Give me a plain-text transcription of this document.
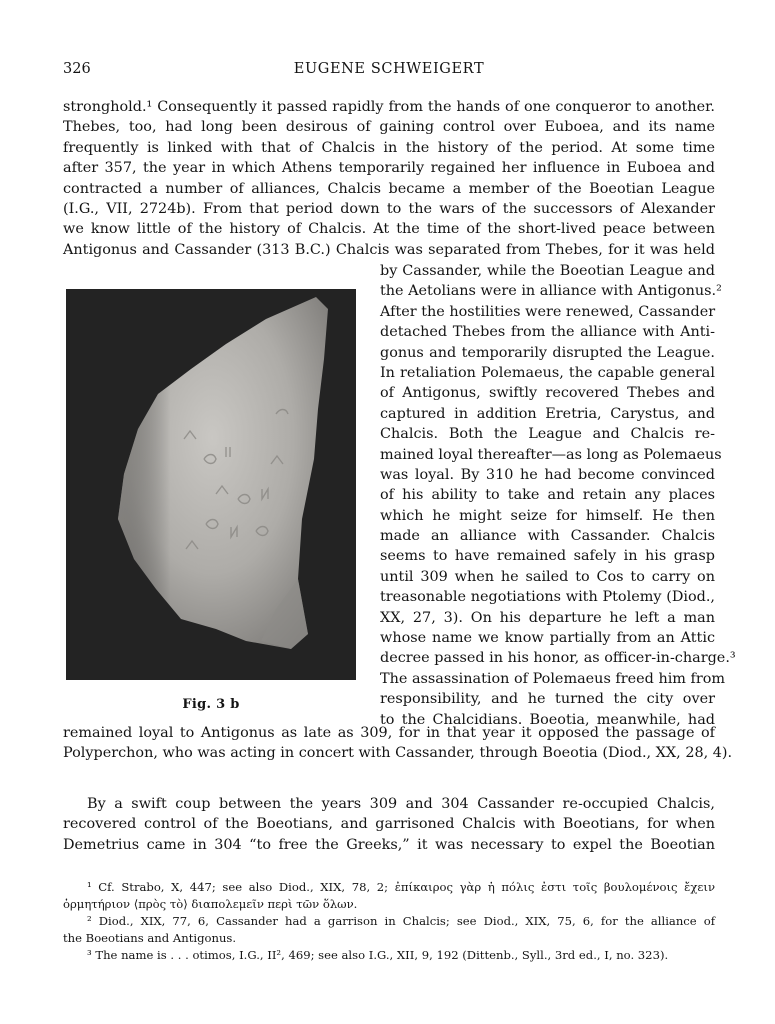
326	EUGENE SCHWEIGERT
stronghold.¹ Consequently it passed rapidly from the hands of one conqueror to another.
Thebes, too, had long been desirous of gaining control over Euboea, and its name
frequently is linked with that of Chalcis in the history of the period. At some time
after 357, the year in which Athens temporarily regained her influence in Euboea and
contracted a number of alliances, Chalcis became a member of the Boeotian League
(I.G., VII, 2724b). From that period down to the wars of the successors of Alexander
we know little of the history of Chalcis. At the time of the short-lived peace between
Antigonus and Cassander (313 B.C.) Chalcis was separated from Thebes, for it was held
by Cassander, while the Boeotian League and
the Aetolians were in alliance with Antigonus.²
After the hostilities were renewed, Cassander
detached Thebes from the alliance with Anti-
gonus and temporarily disrupted the League.
In retaliation Polemaeus, the capable general
of Antigonus, swiftly recovered Thebes and
captured in addition Eretria, Carystus, and
Chalcis. Both the League and Chalcis re-
mained loyal thereafter—as long as Polemaeus
was loyal. By 310 he had become convinced
of his ability to take and retain any places
which he might seize for himself. He then
made an alliance with Cassander. Chalcis
seems to have remained safely in his grasp
until 309 when he sailed to Cos to carry on
treasonable negotiations with Ptolemy (Diod.,
XX, 27, 3). On his departure he left a man
whose name we know partially from an Attic
decree passed in his honor, as officer-in-charge.³
The assassination of Polemaeus freed him from
responsibility, and he turned the city over
to the Chalcidians. Boeotia, meanwhile, had
Fig. 3 b
remained loyal to Antigonus as late as 309, for in that year it opposed the passage of
Polyperchon, who was acting in concert with Cassander, through Boeotia (Diod., XX, 28, 4).
By a swift coup between the years 309 and 304 Cassander re-occupied Chalcis,
recovered control of the Boeotians, and garrisoned Chalcis with Boeotians, for when
Demetrius came in 304 “to free the Greeks,” it was necessary to expel the Boeotian
¹ Cf. Strabo, X, 447; see also Diod., XIX, 78, 2; ἐπίκαιρος γὰρ ἡ πόλις ἐστι τοῖς βουλομένοις ἔχειν
ὁρμητήριον ⟨πρὸς τὸ⟩ διαπολεμεῖν περὶ τῶν ὅλων.
² Diod., XIX, 77, 6, Cassander had a garrison in Chalcis; see Diod., XIX, 75, 6, for the alliance of
the Boeotians and Antigonus.
³ The name is . . . otimos, I.G., II², 469; see also I.G., XII, 9, 192 (Dittenb., Syll., 3rd ed., I, no. 323).
